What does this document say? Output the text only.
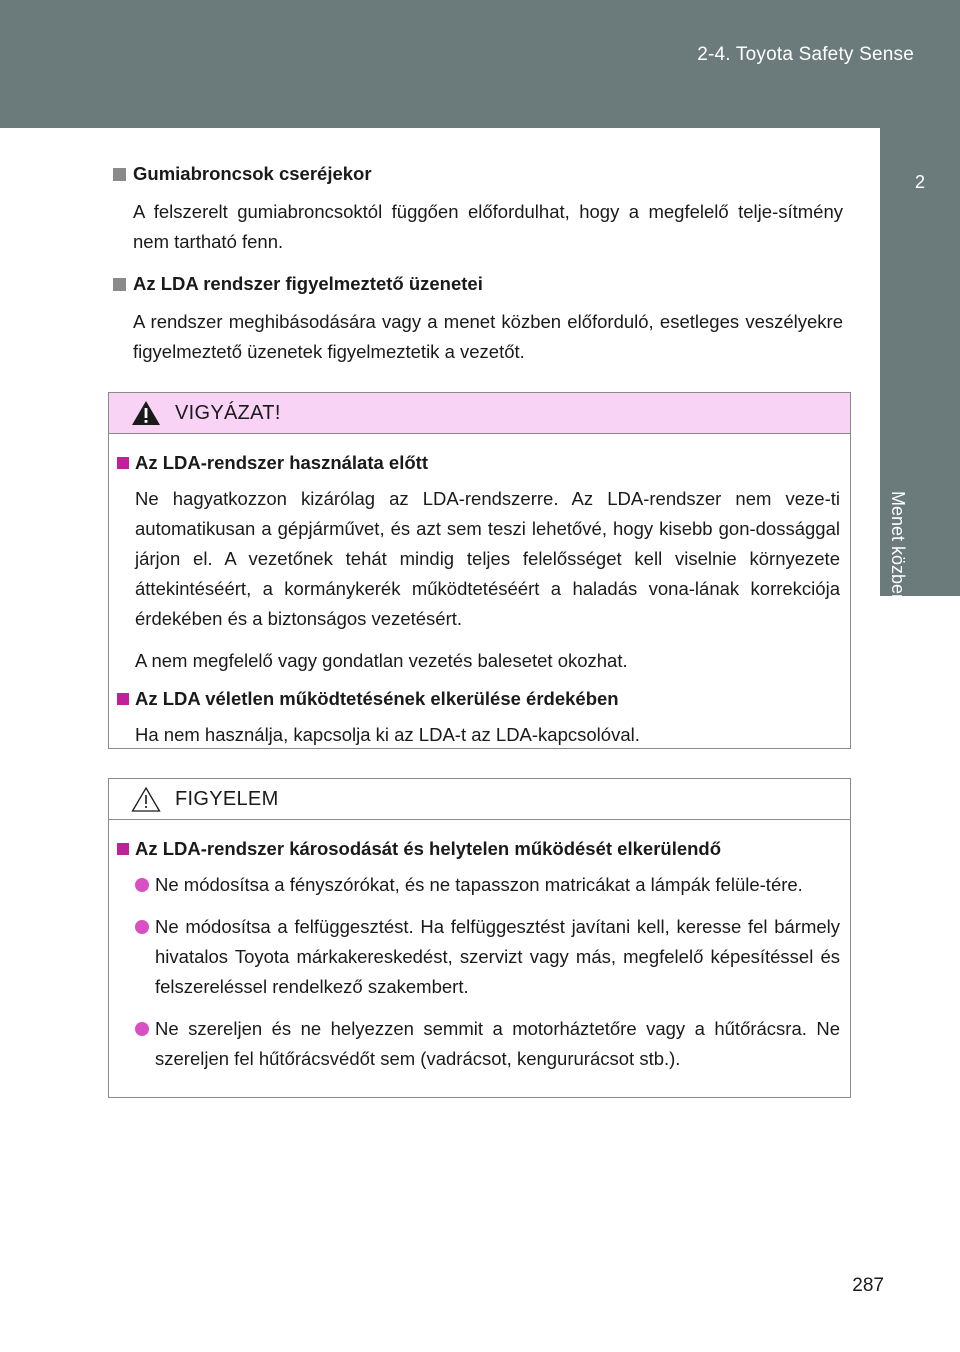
2-4. Toyota Safety Sense
2
Menet közben
Gumiabroncsok cseréjekor

A felszerelt gumiabroncsoktól függően előfordulhat, hogy a megfelelő telje-sítmény nem tartható fenn.

Az LDA rendszer figyelmeztető üzenetei

A rendszer meghibásodására vagy a menet közben előforduló, esetleges veszélyekre figyelmeztető üzenetek figyelmeztetik a vezetőt.

VIGYÁZAT!
Az LDA-rendszer használata előtt

Ne hagyatkozzon kizárólag az LDA-rendszerre. Az LDA-rendszer nem veze-ti automatikusan a gépjárművet, és azt sem teszi lehetővé, hogy kisebb gon-dossággal járjon el. A vezetőnek tehát mindig teljes felelősséget kell viselnie környezete áttekintéséért, a kormánykerék működtetéséért a haladás vona-lának korrekciója érdekében és a biztonságos vezetésért.

A nem megfelelő vagy gondatlan vezetés balesetet okozhat.

Az LDA véletlen működtetésének elkerülése érdekében

Ha nem használja, kapcsolja ki az LDA-t az LDA-kapcsolóval.

FIGYELEM
Az LDA-rendszer károsodását és helytelen működését elkerülendő
Ne módosítsa a fényszórókat, és ne tapasszon matricákat a lámpák felüle-tére.
Ne módosítsa a felfüggesztést. Ha felfüggesztést javítani kell, keresse fel bármely hivatalos Toyota márkakereskedést, szervizt vagy más, megfelelő képesítéssel és felszereléssel rendelkező szakembert.
Ne szereljen és ne helyezzen semmit a motorháztetőre vagy a hűtőrácsra. Ne szereljen fel hűtőrácsvédőt sem (vadrácsot, kengururácsot stb.).
287
